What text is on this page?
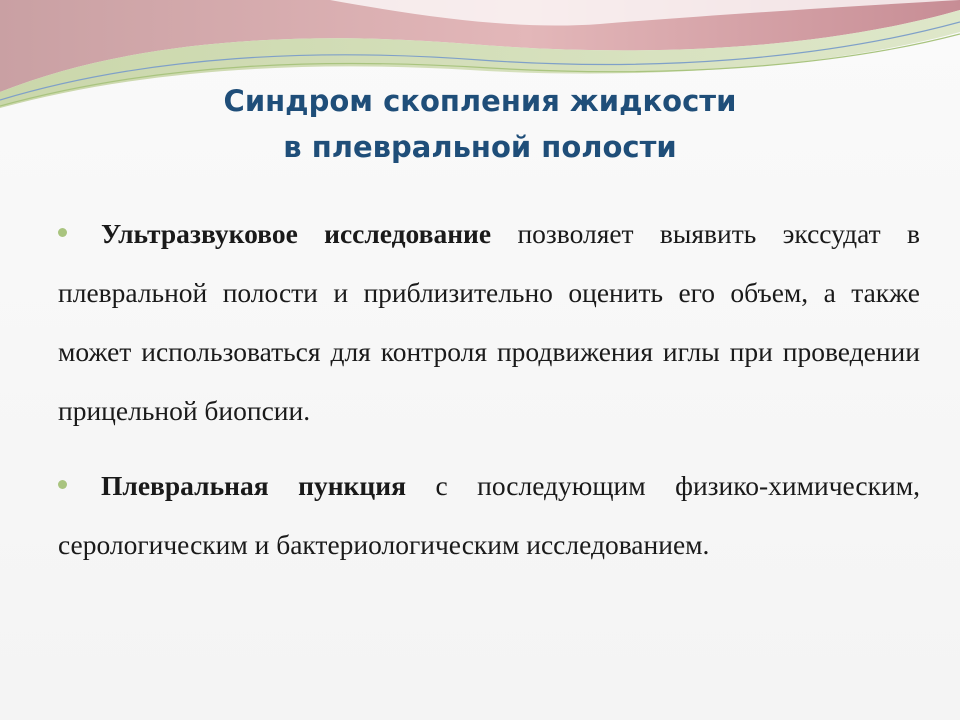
Синдром скопления жидкости
в плевральной полости

Ультразвуковое исследование позволяет выявить экссудат в плевральной полости и приблизительно оценить его объем, а также может использоваться для контроля продвижения иглы при проведении прицельной биопсии.

Плевральная пункция с последующим физико-химическим, серологическим и бактериологическим исследованием.
